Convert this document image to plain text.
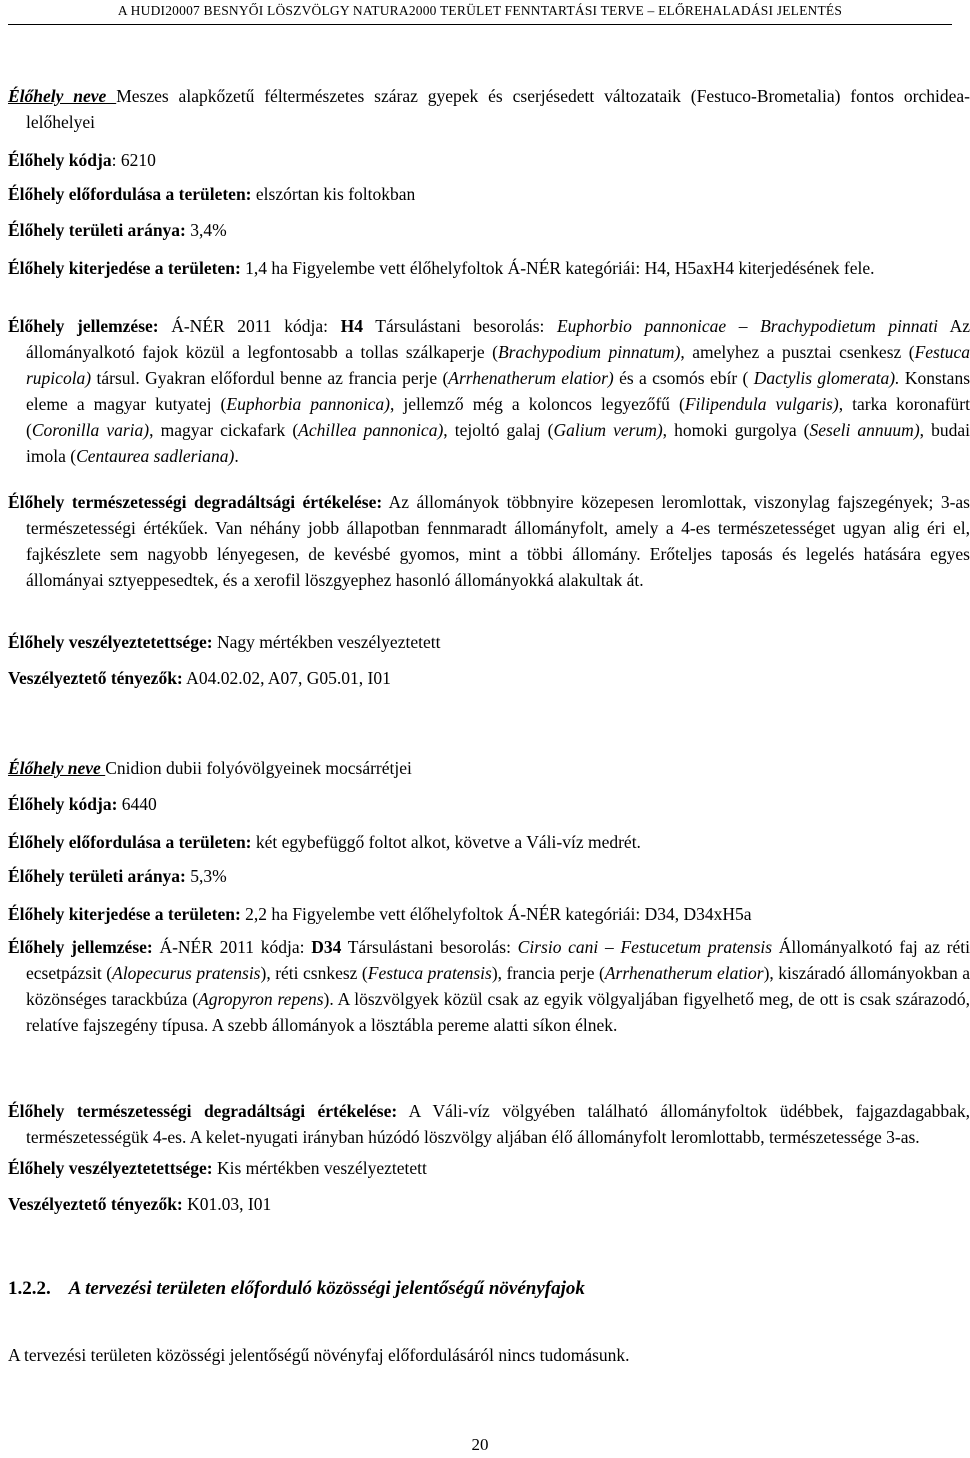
A HUDI20007 BESNYŐI LÖSZVÖLGY NATURA2000 TERÜLET FENNTARTÁSI TERVE – ELŐREHALADÁSI JELENTÉS

Élőhely neve Meszes alapkőzetű féltermészetes száraz gyepek és cserjésedett változataik (Festuco-Brometalia) fontos orchidea-lelőhelyei

Élőhely kódja: 6210

Élőhely előfordulása a területen: elszórtan kis foltokban

Élőhely területi aránya: 3,4%

Élőhely kiterjedése a területen: 1,4 ha Figyelembe vett élőhelyfoltok Á-NÉR kategóriái: H4, H5axH4 kiterjedésének fele.

Élőhely jellemzése: Á-NÉR 2011 kódja: H4 Társulástani besorolás: Euphorbio pannonicae – Brachypodietum pinnati Az állományalkotó fajok közül a legfontosabb a tollas szálkaperje (Brachypodium pinnatum), amelyhez a pusztai csenkesz (Festuca rupicola) társul. Gyakran előfordul benne az francia perje (Arrhenatherum elatior) és a csomós ebír ( Dactylis glomerata). Konstans eleme a magyar kutyatej (Euphorbia pannonica), jellemző még a koloncos legyezőfű (Filipendula vulgaris), tarka koronafürt (Coronilla varia), magyar cickafark (Achillea pannonica), tejoltó galaj (Galium verum), homoki gurgolya (Seseli annuum), budai imola (Centaurea sadleriana).

Élőhely természetességi degradáltsági értékelése: Az állományok többnyire közepesen leromlottak, viszonylag fajszegények; 3-as természetességi értékűek. Van néhány jobb állapotban fennmaradt állományfolt, amely a 4-es természetességet ugyan alig éri el, fajkészlete sem nagyobb lényegesen, de kevésbé gyomos, mint a többi állomány. Erőteljes taposás és legelés hatására egyes állományai sztyeppesedtek, és a xerofil löszgyephez hasonló állományokká alakultak át.

Élőhely veszélyeztetettsége: Nagy mértékben veszélyeztetett

Veszélyeztető tényezők: A04.02.02, A07, G05.01, I01

Élőhely neve Cnidion dubii folyóvölgyeinek mocsárrétjei

Élőhely kódja: 6440

Élőhely előfordulása a területen: két egybefüggő foltot alkot, követve a Váli-víz medrét.

Élőhely területi aránya: 5,3%

Élőhely kiterjedése a területen: 2,2 ha Figyelembe vett élőhelyfoltok Á-NÉR kategóriái: D34, D34xH5a

Élőhely jellemzése: Á-NÉR 2011 kódja: D34 Társulástani besorolás: Cirsio cani – Festucetum pratensis Állományalkotó faj az réti ecsetpázsit (Alopecurus pratensis), réti csnkesz (Festuca pratensis), francia perje (Arrhenatherum elatior), kiszáradó állományokban a közönséges tarackbúza (Agropyron repens). A löszvölgyek közül csak az egyik völgyaljában figyelhető meg, de ott is csak szárazodó, relatíve fajszegény típusa. A szebb állományok a lösztábla pereme alatti síkon élnek.

Élőhely természetességi degradáltsági értékelése: A Váli-víz völgyében található állományfoltok üdébbek, fajgazdagabbak, természetességük 4-es. A kelet-nyugati irányban húzódó löszvölgy aljában élő állományfolt leromlottabb, természetessége 3-as.

Élőhely veszélyeztetettsége: Kis mértékben veszélyeztetett

Veszélyeztető tényezők: K01.03, I01

1.2.2. A tervezési területen előforduló közösségi jelentőségű növényfajok

A tervezési területen közösségi jelentőségű növényfaj előfordulásáról nincs tudomásunk.

20
